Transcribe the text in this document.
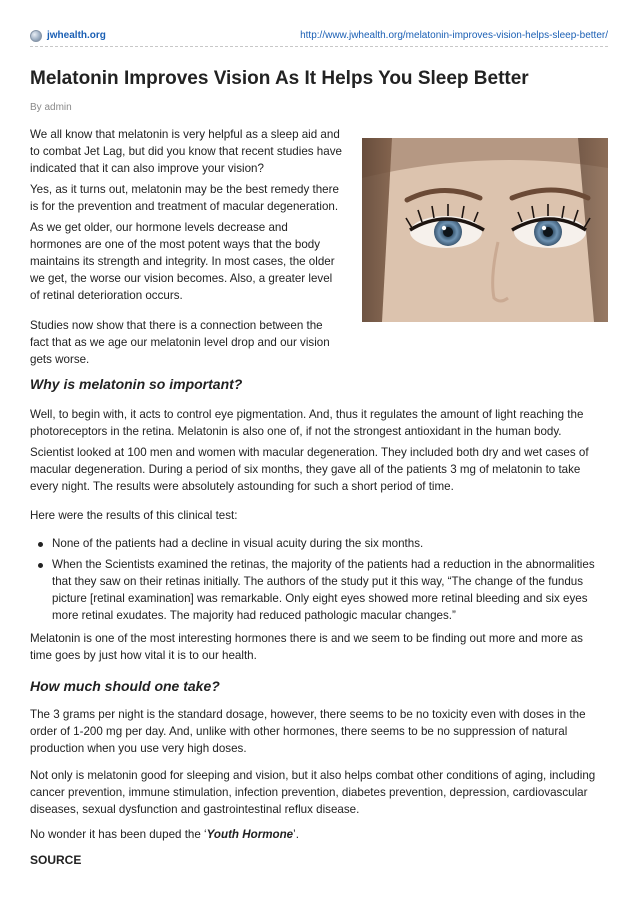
jwhealth.org	http://www.jwhealth.org/melatonin-improves-vision-helps-sleep-better/
Melatonin Improves Vision As It Helps You Sleep Better
By admin

We all know that melatonin is very helpful as a sleep aid and to combat Jet Lag, but did you know that recent studies have indicated that it can also improve your vision?

Yes, as it turns out, melatonin may be the best remedy there is for the prevention and treatment of macular degeneration.

As we get older, our hormone levels decrease and hormones are one of the most potent ways that the body maintains its strength and integrity. In most cases, the older we get, the worse our vision becomes. Also, a greater level of retinal deterioration occurs.

Studies now show that there is a connection between the fact that as we age our melatonin level drop and our vision gets worse.

Why is melatonin so important?

Well, to begin with, it acts to control eye pigmentation. And, thus it regulates the amount of light reaching the photoreceptors in the retina. Melatonin is also one of, if not the strongest antioxidant in the human body.

Scientist looked at 100 men and women with macular degeneration. They included both dry and wet cases of macular degeneration. During a period of six months, they gave all of the patients 3 mg of melatonin to take every night. The results were absolutely astounding for such a short period of time.

Here were the results of this clinical test:

None of the patients had a decline in visual acuity during the six months.
When the Scientists examined the retinas, the majority of the patients had a reduction in the abnormalities that they saw on their retinas initially. The authors of the study put it this way, “The change of the fundus picture [retinal examination] was remarkable. Only eight eyes showed more retinal bleeding and six eyes more retinal exudates. The majority had reduced pathologic macular changes.”

Melatonin is one of the most interesting hormones there is and we seem to be finding out more and more as time goes by just how vital it is to our health.

How much should one take?

The 3 grams per night is the standard dosage, however, there seems to be no toxicity even with doses in the order of 1-200 mg per day. And, unlike with other hormones, there seems to be no suppression of natural production when you use very high doses.

Not only is melatonin good for sleeping and vision, but it also helps combat other conditions of aging, including cancer prevention, immune stimulation, infection prevention, diabetes prevention, depression, cardiovascular diseases, sexual dysfunction and gastrointestinal reflux disease.

No wonder it has been duped the ‘Youth Hormone’.

SOURCE
